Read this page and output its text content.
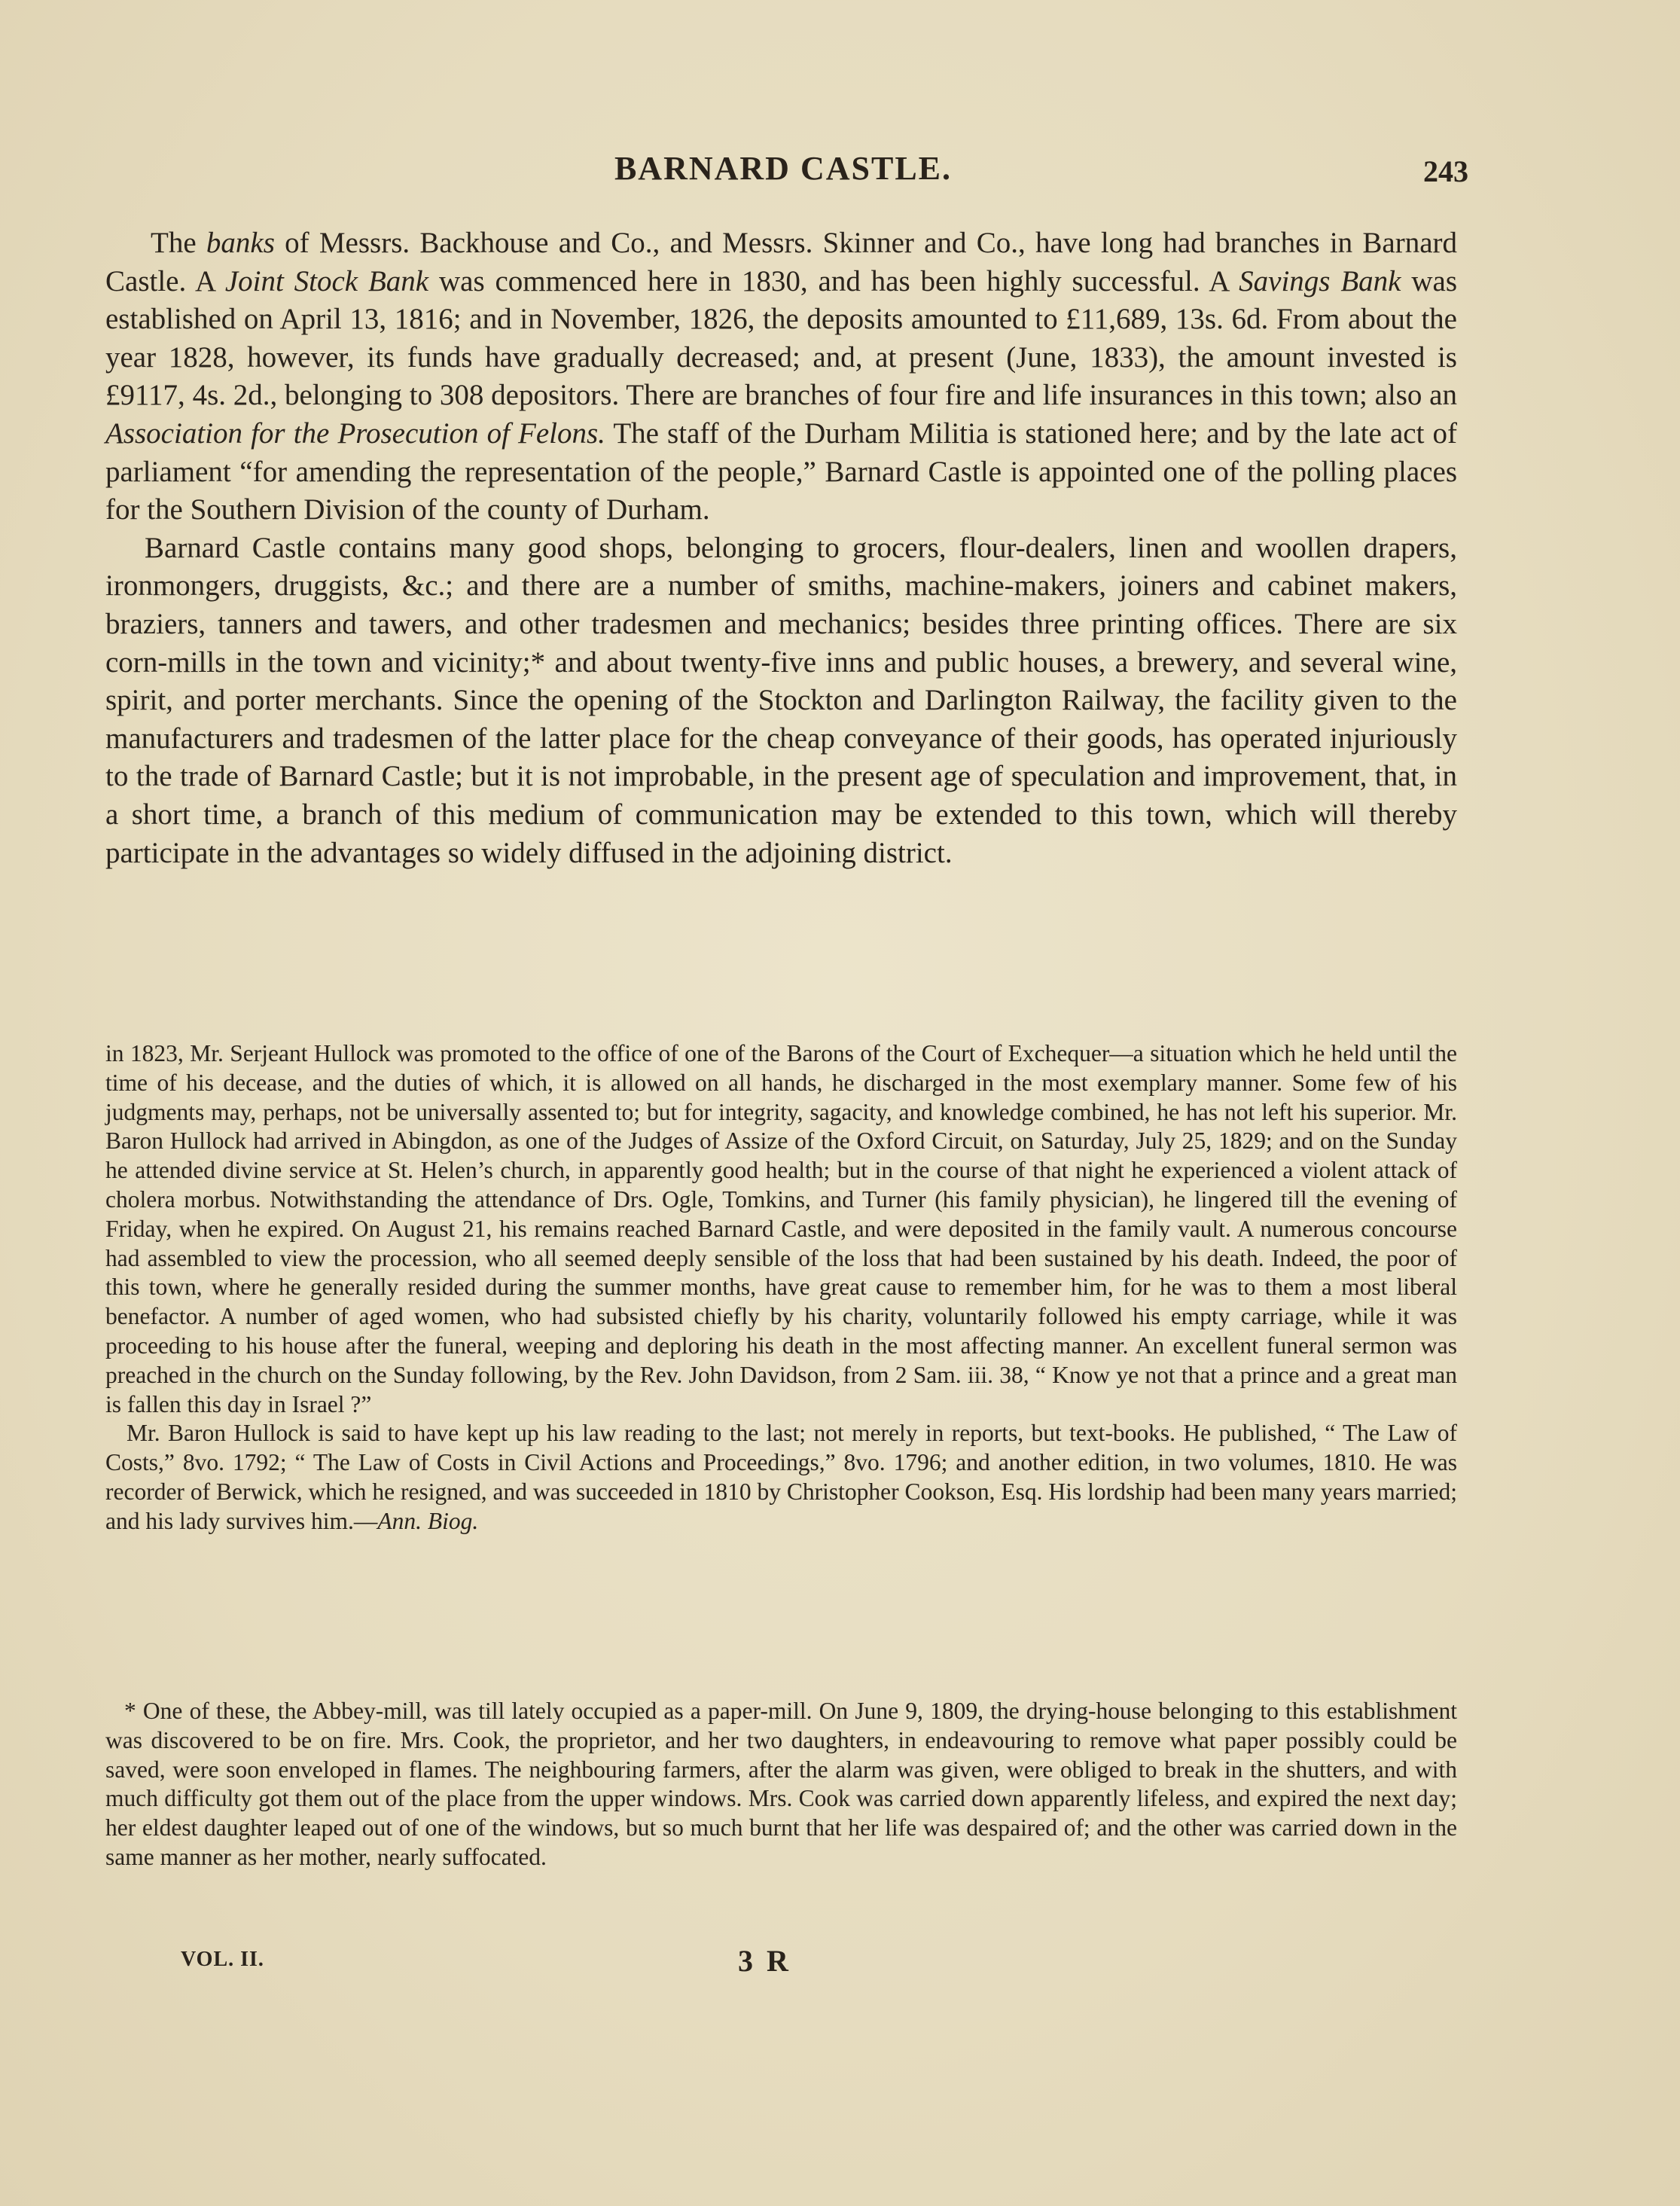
BARNARD CASTLE.	243

The banks of Messrs. Backhouse and Co., and Messrs. Skinner and Co., have long had branches in Barnard Castle. A Joint Stock Bank was commenced here in 1830, and has been highly successful. A Savings Bank was established on April 13, 1816; and in November, 1826, the deposits amounted to £11,689, 13s. 6d. From about the year 1828, however, its funds have gradually decreased; and, at present (June, 1833), the amount invested is £9117, 4s. 2d., belonging to 308 depositors. There are branches of four fire and life insurances in this town; also an Association for the Prosecution of Felons. The staff of the Durham Militia is stationed here; and by the late act of parliament “for amending the representation of the people,” Barnard Castle is appointed one of the polling places for the Southern Division of the county of Durham.

Barnard Castle contains many good shops, belonging to grocers, flour-dealers, linen and woollen drapers, ironmongers, druggists, &c.; and there are a number of smiths, machine-makers, joiners and cabinet makers, braziers, tanners and tawers, and other tradesmen and mechanics; besides three printing offices. There are six corn-mills in the town and vicinity;* and about twenty-five inns and public houses, a brewery, and several wine, spirit, and porter merchants. Since the opening of the Stockton and Darlington Railway, the facility given to the manufacturers and tradesmen of the latter place for the cheap conveyance of their goods, has operated injuriously to the trade of Barnard Castle; but it is not improbable, in the present age of speculation and improvement, that, in a short time, a branch of this medium of communication may be extended to this town, which will thereby participate in the advantages so widely diffused in the adjoining district.

in 1823, Mr. Serjeant Hullock was promoted to the office of one of the Barons of the Court of Exchequer—a situation which he held until the time of his decease, and the duties of which, it is allowed on all hands, he discharged in the most exemplary manner. Some few of his judgments may, perhaps, not be universally assented to; but for integrity, sagacity, and knowledge combined, he has not left his superior. Mr. Baron Hullock had arrived in Abingdon, as one of the Judges of Assize of the Oxford Circuit, on Saturday, July 25, 1829; and on the Sunday he attended divine service at St. Helen’s church, in apparently good health; but in the course of that night he experienced a violent attack of cholera morbus. Notwithstanding the attendance of Drs. Ogle, Tomkins, and Turner (his family physician), he lingered till the evening of Friday, when he expired. On August 21, his remains reached Barnard Castle, and were deposited in the family vault. A numerous concourse had assembled to view the procession, who all seemed deeply sensible of the loss that had been sustained by his death. Indeed, the poor of this town, where he generally resided during the summer months, have great cause to remember him, for he was to them a most liberal benefactor. A number of aged women, who had subsisted chiefly by his charity, voluntarily followed his empty carriage, while it was proceeding to his house after the funeral, weeping and deploring his death in the most affecting manner. An excellent funeral sermon was preached in the church on the Sunday following, by the Rev. John Davidson, from 2 Sam. iii. 38, “ Know ye not that a prince and a great man is fallen this day in Israel ?”

Mr. Baron Hullock is said to have kept up his law reading to the last; not merely in reports, but text-books. He published, “ The Law of Costs,” 8vo. 1792; “ The Law of Costs in Civil Actions and Proceedings,” 8vo. 1796; and another edition, in two volumes, 1810. He was recorder of Berwick, which he resigned, and was succeeded in 1810 by Christopher Cookson, Esq. His lordship had been many years married; and his lady survives him.—Ann. Biog.

* One of these, the Abbey-mill, was till lately occupied as a paper-mill. On June 9, 1809, the drying-house belonging to this establishment was discovered to be on fire. Mrs. Cook, the proprietor, and her two daughters, in endeavouring to remove what paper possibly could be saved, were soon enveloped in flames. The neighbouring farmers, after the alarm was given, were obliged to break in the shutters, and with much difficulty got them out of the place from the upper windows. Mrs. Cook was carried down apparently lifeless, and expired the next day; her eldest daughter leaped out of one of the windows, but so much burnt that her life was despaired of; and the other was carried down in the same manner as her mother, nearly suffocated.

VOL. II.	3 R
